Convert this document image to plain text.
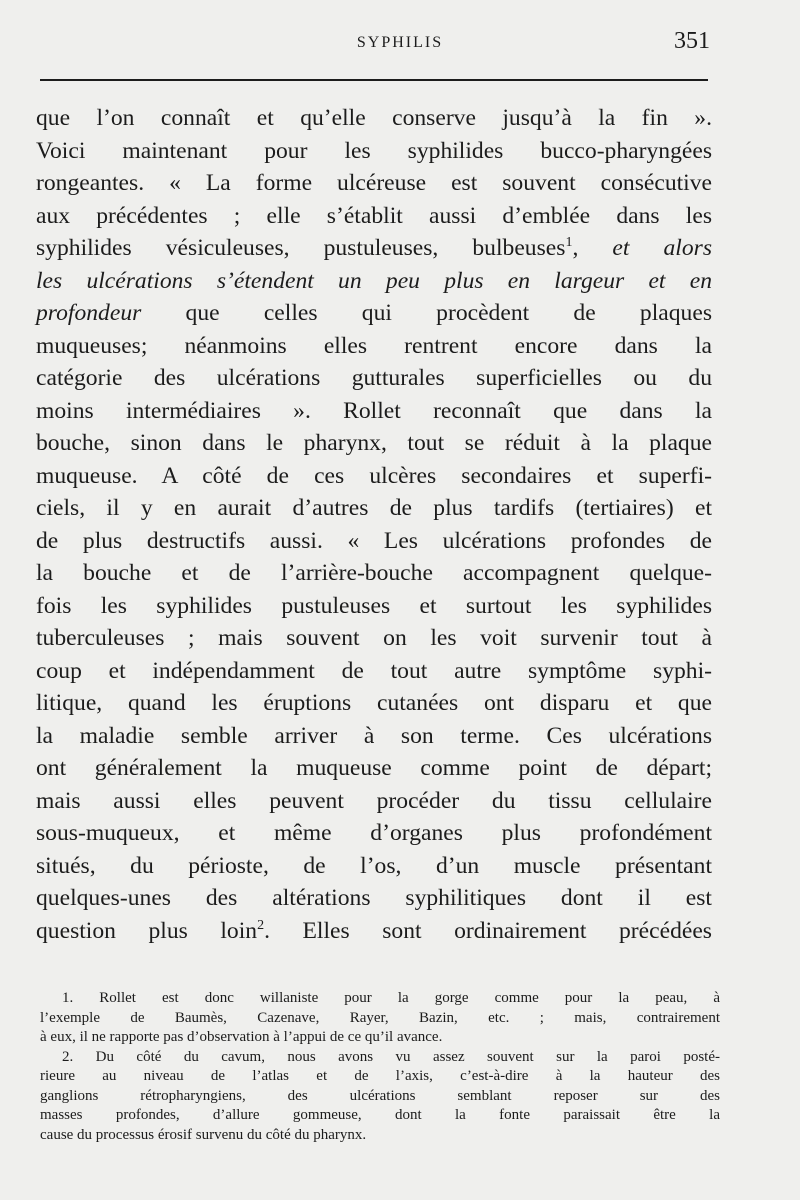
SYPHILIS	351
que l’on connaît et qu’elle conserve jusqu’à la fin ».
Voici maintenant pour les syphilides bucco-pharyngées
rongeantes. « La forme ulcéreuse est souvent consécutive
aux précédentes ; elle s’établit aussi d’emblée dans les
syphilides vésiculeuses, pustuleuses, bulbeuses$^1$, et alors
les ulcérations s’étendent un peu plus en largeur et en
profondeur que celles qui procèdent de plaques
muqueuses; néanmoins elles rentrent encore dans la
catégorie des ulcérations gutturales superficielles ou du
moins intermédiaires ». Rollet reconnaît que dans la
bouche, sinon dans le pharynx, tout se réduit à la plaque
muqueuse. A côté de ces ulcères secondaires et superfi-
ciels, il y en aurait d’autres de plus tardifs (tertiaires) et
de plus destructifs aussi. « Les ulcérations profondes de
la bouche et de l’arrière-bouche accompagnent quelque-
fois les syphilides pustuleuses et surtout les syphilides
tuberculeuses ; mais souvent on les voit survenir tout à
coup et indépendamment de tout autre symptôme syphi-
litique, quand les éruptions cutanées ont disparu et que
la maladie semble arriver à son terme. Ces ulcérations
ont généralement la muqueuse comme point de départ;
mais aussi elles peuvent procéder du tissu cellulaire
sous-muqueux, et même d’organes plus profondément
situés, du périoste, de l’os, d’un muscle présentant
quelques-unes des altérations syphilitiques dont il est
question plus loin$^2$. Elles sont ordinairement précédées
1. Rollet est donc willaniste pour la gorge comme pour la peau, à
l’exemple de Baumès, Cazenave, Rayer, Bazin, etc. ; mais, contrairement
à eux, il ne rapporte pas d’observation à l’appui de ce qu’il avance.
2. Du côté du cavum, nous avons vu assez souvent sur la paroi posté-
rieure au niveau de l’atlas et de l’axis, c’est-à-dire à la hauteur des
ganglions rétropharyngiens, des ulcérations semblant reposer sur des
masses profondes, d’allure gommeuse, dont la fonte paraissait être la
cause du processus érosif survenu du côté du pharynx.
